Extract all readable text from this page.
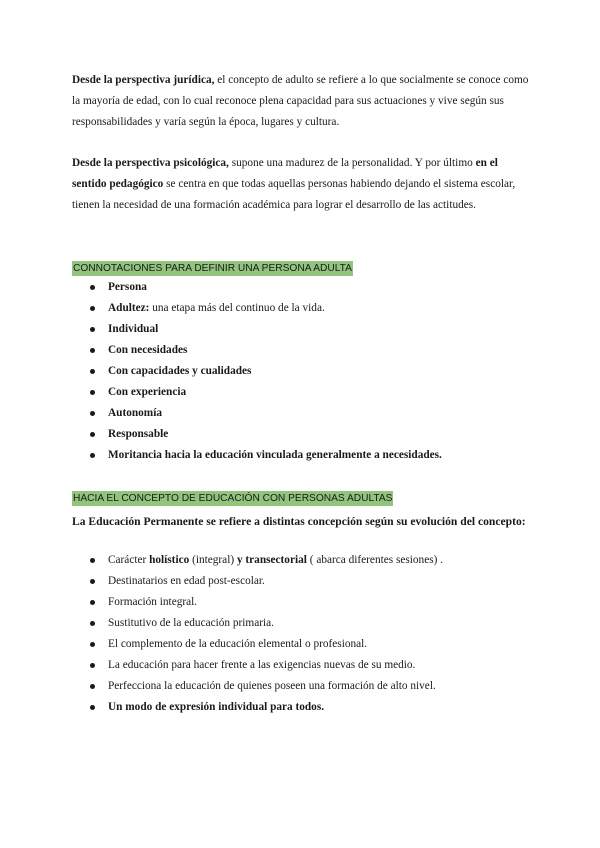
Desde la perspectiva jurídica, el concepto de adulto se refiere a lo que socialmente se conoce como la mayoría de edad, con lo cual reconoce plena capacidad para sus actuaciones y vive según sus responsabilidades y varía según la época, lugares y cultura.

Desde la perspectiva psicológica, supone una madurez de la personalidad. Y por último en el sentido pedagógico se centra en que todas aquellas personas habiendo dejando el sistema escolar, tienen la necesidad de una formación académica para lograr el desarrollo de las actitudes.

CONNOTACIONES PARA DEFINIR UNA PERSONA ADULTA
Persona
Adultez: una etapa más del continuo de la vida.
Individual
Con necesidades
Con capacidades y cualidades
Con experiencia
Autonomía
Responsable
Moritancia hacia la educación vinculada generalmente a necesidades.
HACIA EL CONCEPTO DE EDUCACIÓN CON PERSONAS ADULTAS

La Educación Permanente se refiere a distintas concepción según su evolución del concepto:

Carácter holístico (integral) y transectorial ( abarca diferentes sesiones) .
Destinatarios en edad post-escolar.
Formación integral.
Sustitutivo de la educación primaria.
El complemento de la educación elemental o profesional.
La educación para hacer frente a las exigencias nuevas de su medio.
Perfecciona la educación de quienes poseen una formación de alto nivel.
Un modo de expresión individual para todos.
